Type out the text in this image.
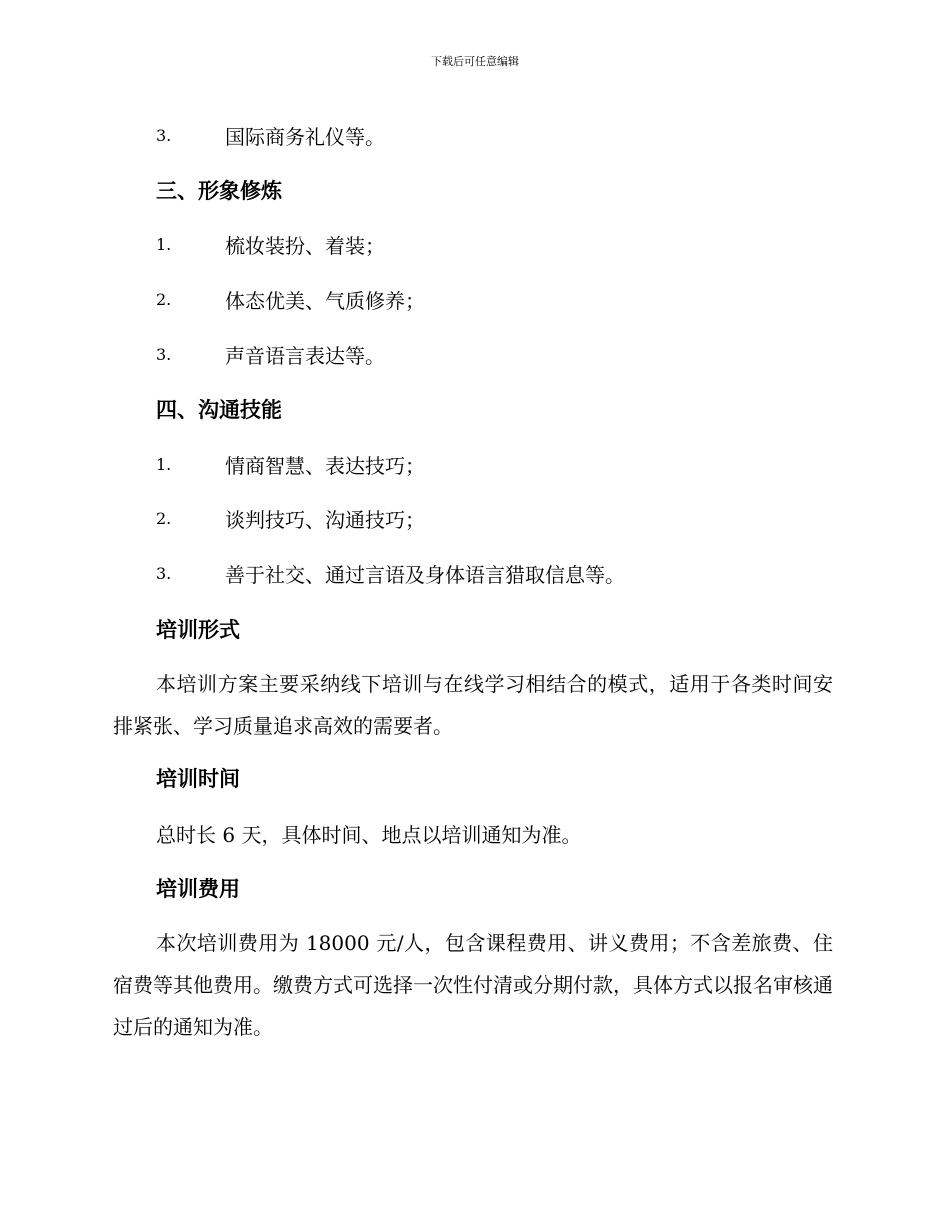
下载后可任意编辑
3.	国际商务礼仪等。
三、形象修炼
1.	梳妆装扮、着装；
2.	体态优美、气质修养；
3.	声音语言表达等。
四、沟通技能
1.	情商智慧、表达技巧；
2.	谈判技巧、沟通技巧；
3.	善于社交、通过言语及身体语言猎取信息等。
培训形式

本培训方案主要采纳线下培训与在线学习相结合的模式，适用于各类时间安排紧张、学习质量追求高效的需要者。

培训时间
总时长 6 天，具体时间、地点以培训通知为准。
培训费用

本次培训费用为 18000 元/人，包含课程费用、讲义费用；不含差旅费、住宿费等其他费用。缴费方式可选择一次性付清或分期付款，具体方式以报名审核通过后的通知为准。
